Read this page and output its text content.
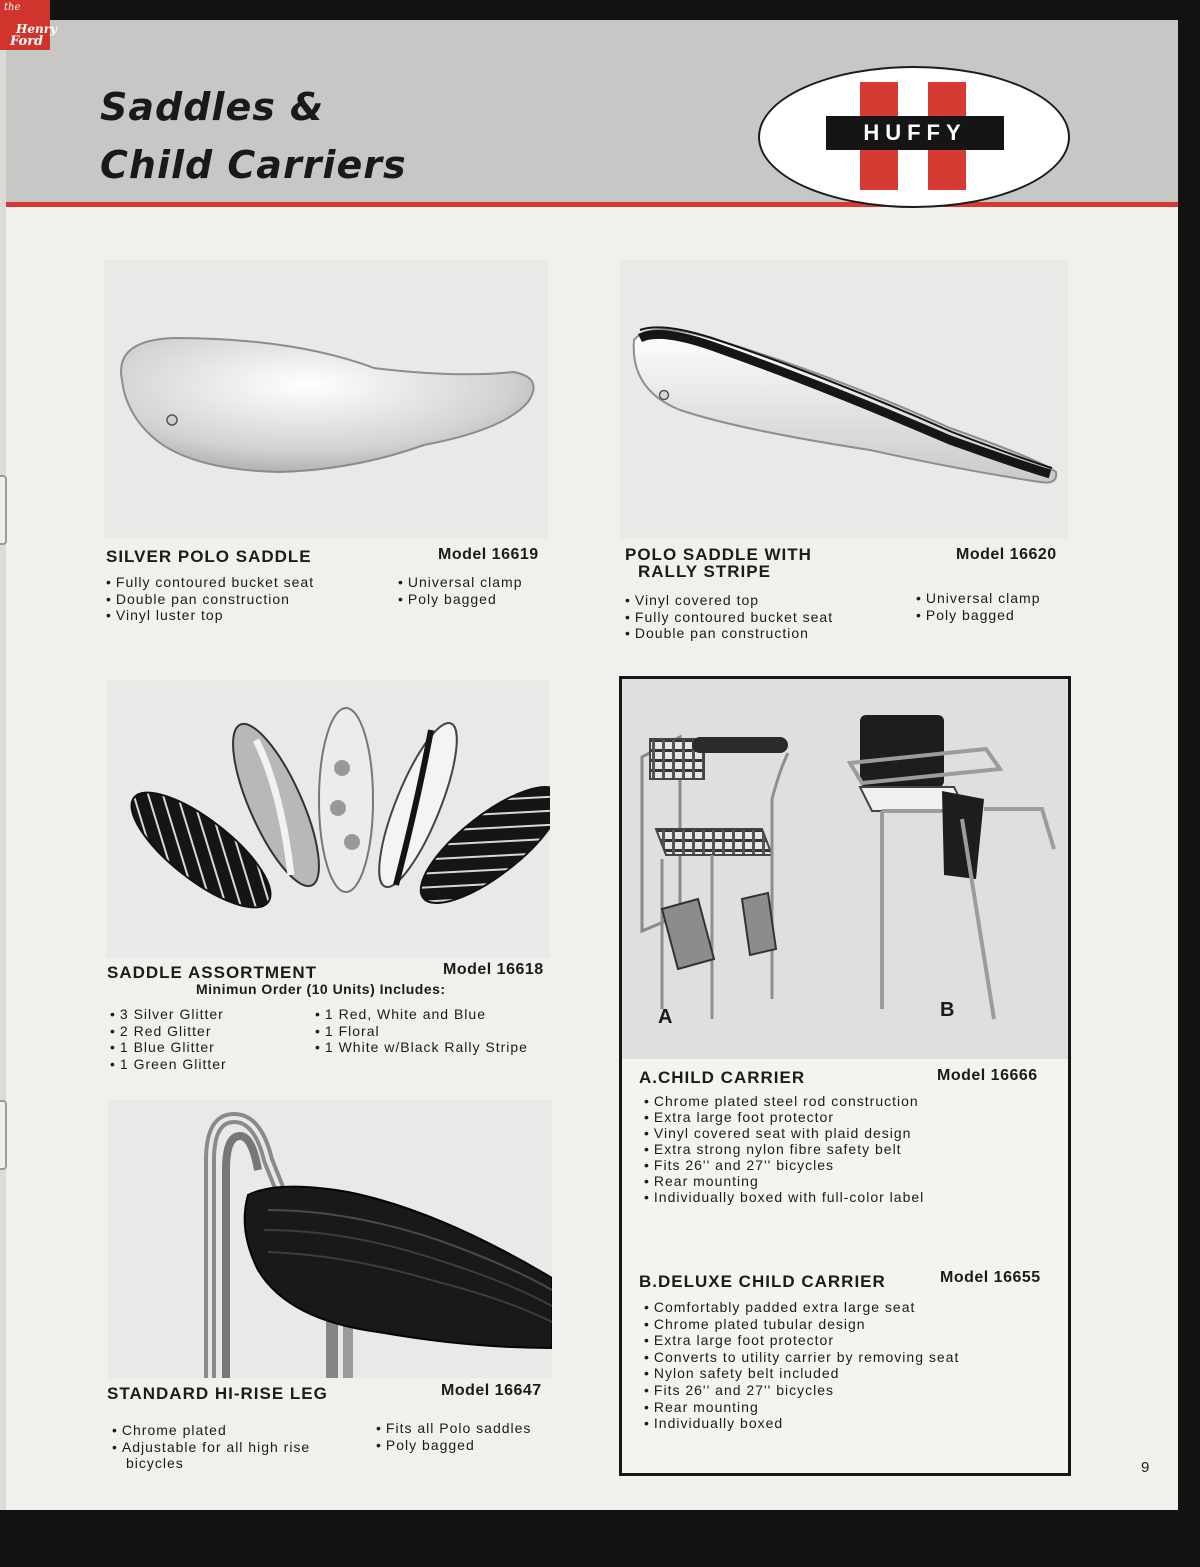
Saddles &
Child Carriers
HUFFY
SILVER POLO SADDLE	Model 16619
• Fully contoured bucket seat
• Double pan construction
• Vinyl luster top
• Universal clamp
• Poly bagged
POLO SADDLE WITH
RALLY STRIPE
Model 16620
• Vinyl covered top
• Fully contoured bucket seat
• Double pan construction
• Universal clamp
• Poly bagged
SADDLE ASSORTMENT	Model 16618
Minimun Order (10 Units) Includes:
• 3 Silver Glitter
• 2 Red Glitter
• 1 Blue Glitter
• 1 Green Glitter
• 1 Red, White and Blue
• 1 Floral
• 1 White w/Black Rally Stripe
STANDARD HI-RISE LEG	Model 16647
• Chrome plated
• Adjustable for all high rise
bicycles
• Fits all Polo saddles
• Poly bagged
A	B
A.CHILD CARRIER	Model 16666
• Chrome plated steel rod construction
• Extra large foot protector
• Vinyl covered seat with plaid design
• Extra strong nylon fibre safety belt
• Fits 26'' and 27'' bicycles
• Rear mounting
• Individually boxed with full-color label
B.DELUXE CHILD CARRIER	Model 16655
• Comfortably padded extra large seat
• Chrome plated tubular design
• Extra large foot protector
• Converts to utility carrier by removing seat
• Nylon safety belt included
• Fits 26'' and 27'' bicycles
• Rear mounting
• Individually boxed
9
the
Henry
Ford
